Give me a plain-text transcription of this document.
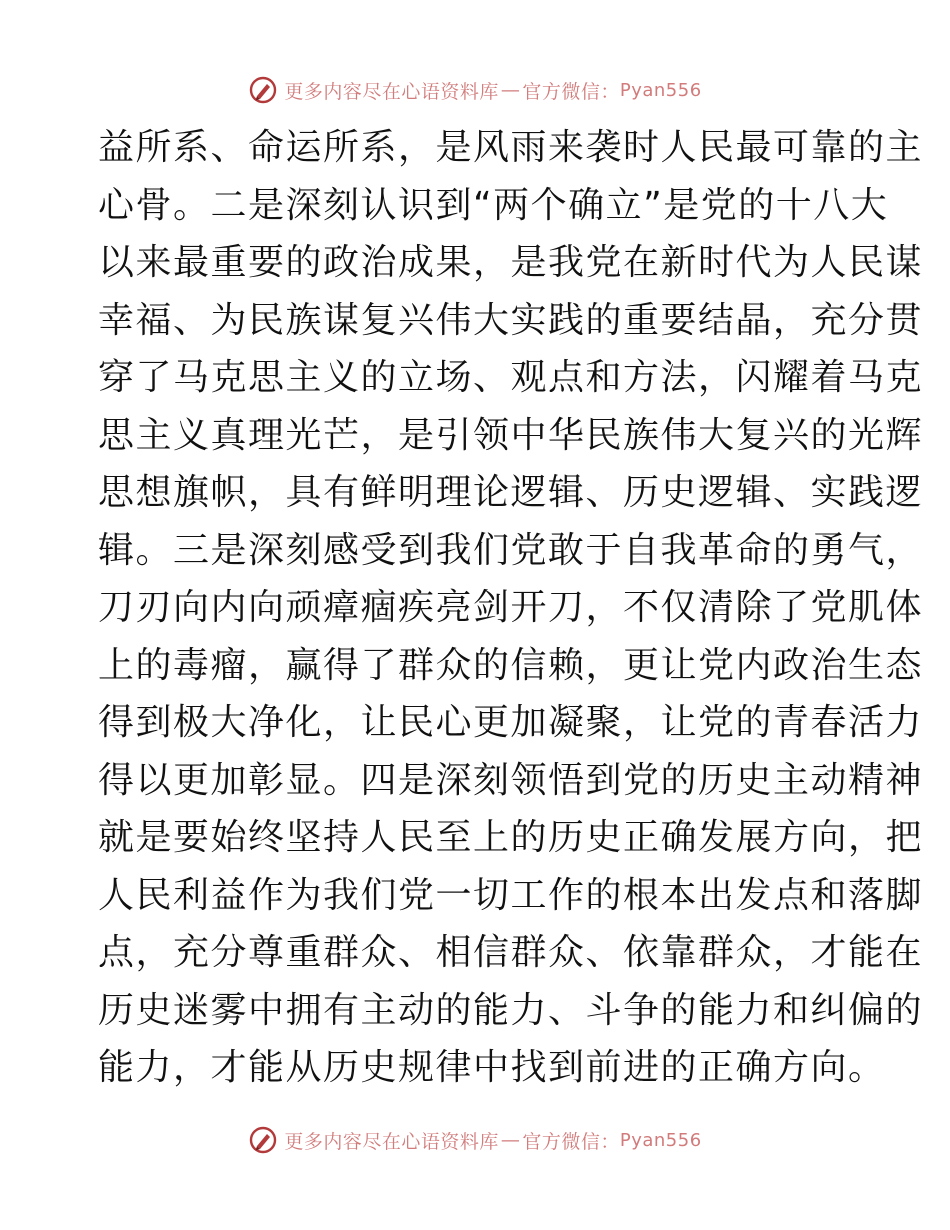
更多内容尽在心语资料库 — 官方微信： Pyan556
益所系、命运所系，是风雨来袭时人民最可靠的主
心骨。二是深刻认识到“两个确立”是党的十八大
以来最重要的政治成果，是我党在新时代为人民谋
幸福、为民族谋复兴伟大实践的重要结晶，充分贯
穿了马克思主义的立场、观点和方法，闪耀着马克
思主义真理光芒，是引领中华民族伟大复兴的光辉
思想旗帜，具有鲜明理论逻辑、历史逻辑、实践逻
辑。三是深刻感受到我们党敢于自我革命的勇气，
刀刃向内向顽瘴痼疾亮剑开刀，不仅清除了党肌体
上的毒瘤，赢得了群众的信赖，更让党内政治生态
得到极大净化，让民心更加凝聚，让党的青春活力
得以更加彰显。四是深刻领悟到党的历史主动精神
就是要始终坚持人民至上的历史正确发展方向，把
人民利益作为我们党一切工作的根本出发点和落脚
点，充分尊重群众、相信群众、依靠群众，才能在
历史迷雾中拥有主动的能力、斗争的能力和纠偏的
能力，才能从历史规律中找到前进的正确方向。
更多内容尽在心语资料库 — 官方微信： Pyan556
